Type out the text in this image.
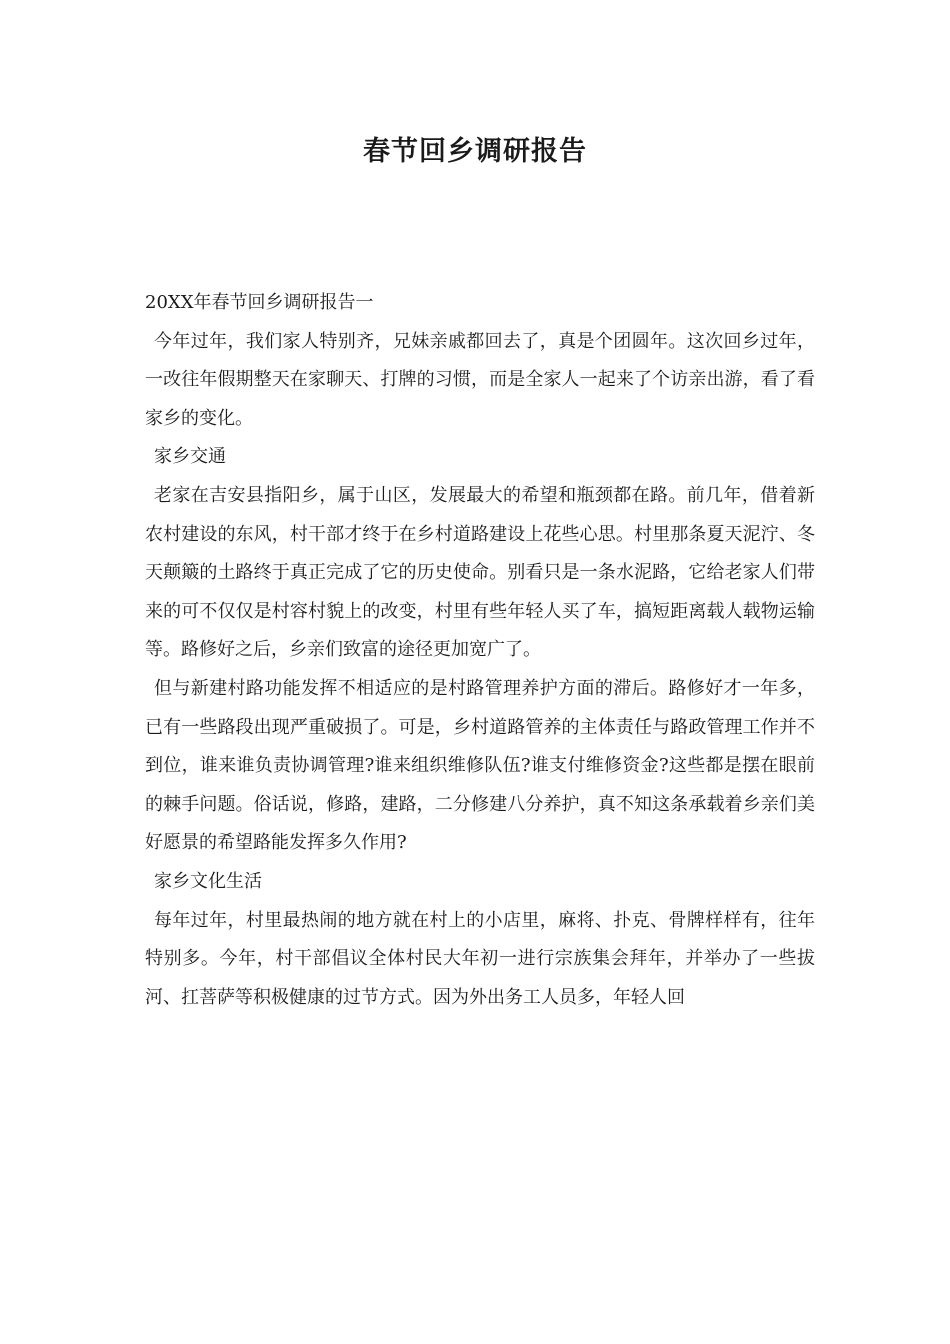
春节回乡调研报告

20XX年春节回乡调研报告一

今年过年，我们家人特别齐，兄妹亲戚都回去了，真是个团圆年。这次回乡过年，一改往年假期整天在家聊天、打牌的习惯，而是全家人一起来了个访亲出游，看了看家乡的变化。

家乡交通

老家在吉安县指阳乡，属于山区，发展最大的希望和瓶颈都在路。前几年，借着新农村建设的东风，村干部才终于在乡村道路建设上花些心思。村里那条夏天泥泞、冬天颠簸的土路终于真正完成了它的历史使命。别看只是一条水泥路，它给老家人们带来的可不仅仅是村容村貌上的改变，村里有些年轻人买了车，搞短距离载人载物运输等。路修好之后，乡亲们致富的途径更加宽广了。

但与新建村路功能发挥不相适应的是村路管理养护方面的滞后。路修好才一年多，已有一些路段出现严重破损了。可是，乡村道路管养的主体责任与路政管理工作并不到位，谁来谁负责协调管理?谁来组织维修队伍?谁支付维修资金?这些都是摆在眼前的棘手问题。俗话说，修路，建路，二分修建八分养护，真不知这条承载着乡亲们美好愿景的希望路能发挥多久作用?

家乡文化生活

每年过年，村里最热闹的地方就在村上的小店里，麻将、扑克、骨牌样样有，往年特别多。今年，村干部倡议全体村民大年初一进行宗族集会拜年，并举办了一些拔河、扛菩萨等积极健康的过节方式。因为外出务工人员多，年轻人回
